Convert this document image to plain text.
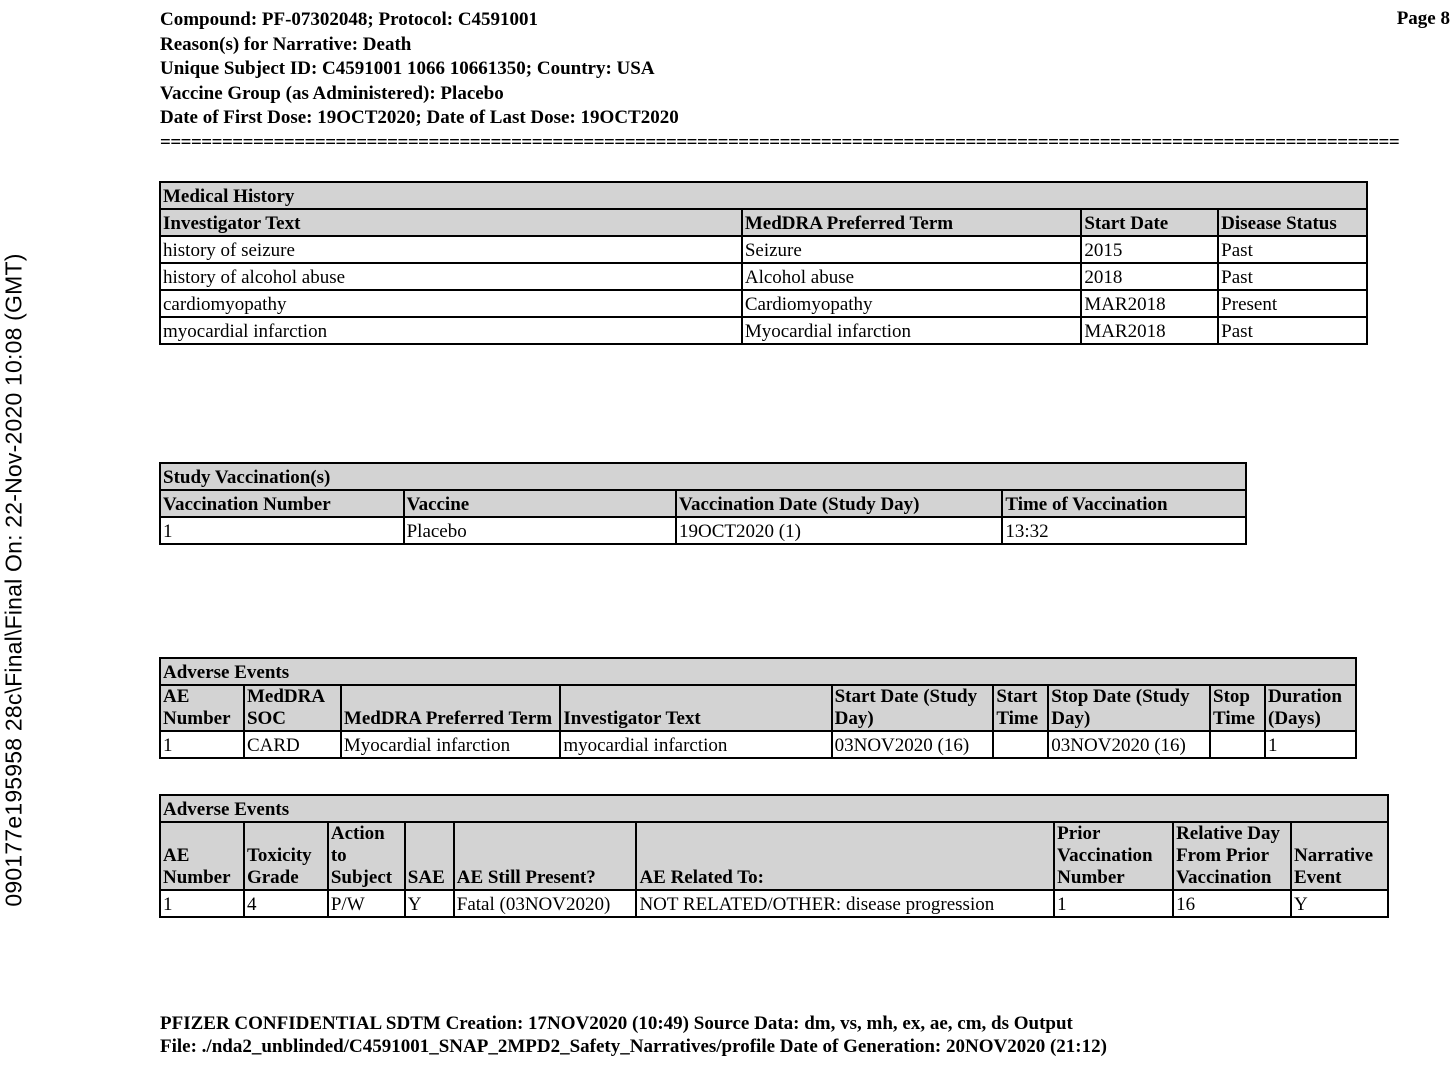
090177e195958 28c\Final\Final On: 22-Nov-2020 10:08 (GMT)
Compound: PF-07302048; Protocol: C4591001
Reason(s) for Narrative: Death
Unique Subject ID: C4591001 1066 10661350; Country: USA
Vaccine Group (as Administered): Placebo
Date of First Dose: 19OCT2020; Date of Last Dose: 19OCT2020
Page 8
========================================================================================================================
Medical History			
Investigator Text	MedDRA Preferred Term	Start Date	Disease Status
history of seizure	Seizure	2015	Past
history of alcohol abuse	Alcohol abuse	2018	Past
cardiomyopathy	Cardiomyopathy	MAR2018	Present
myocardial infarction	Myocardial infarction	MAR2018	Past
Study Vaccination(s)			
Vaccination Number	Vaccine	Vaccination Date (Study Day)	Time of Vaccination
1	Placebo	19OCT2020 (1)	13:32
Adverse Events								
AE Number	MedDRA SOC	MedDRA Preferred Term	Investigator Text	Start Date (Study Day)	Start Time	Stop Date (Study Day)	Stop Time	Duration (Days)
1	CARD	Myocardial infarction	myocardial infarction	03NOV2020 (16)		03NOV2020 (16)		1
Adverse Events								
AE Number	Toxicity Grade	Action to Subject	SAE	AE Still Present?	AE Related To:	Prior Vaccination Number	Relative Day From Prior Vaccination	Narrative Event
1	4	P/W	Y	Fatal (03NOV2020)	NOT RELATED/OTHER: disease progression	1	16	Y
PFIZER CONFIDENTIAL SDTM Creation: 17NOV2020 (10:49) Source Data: dm, vs, mh, ex, ae, cm, ds Output
File: ./nda2_unblinded/C4591001_SNAP_2MPD2_Safety_Narratives/profile Date of Generation: 20NOV2020 (21:12)
